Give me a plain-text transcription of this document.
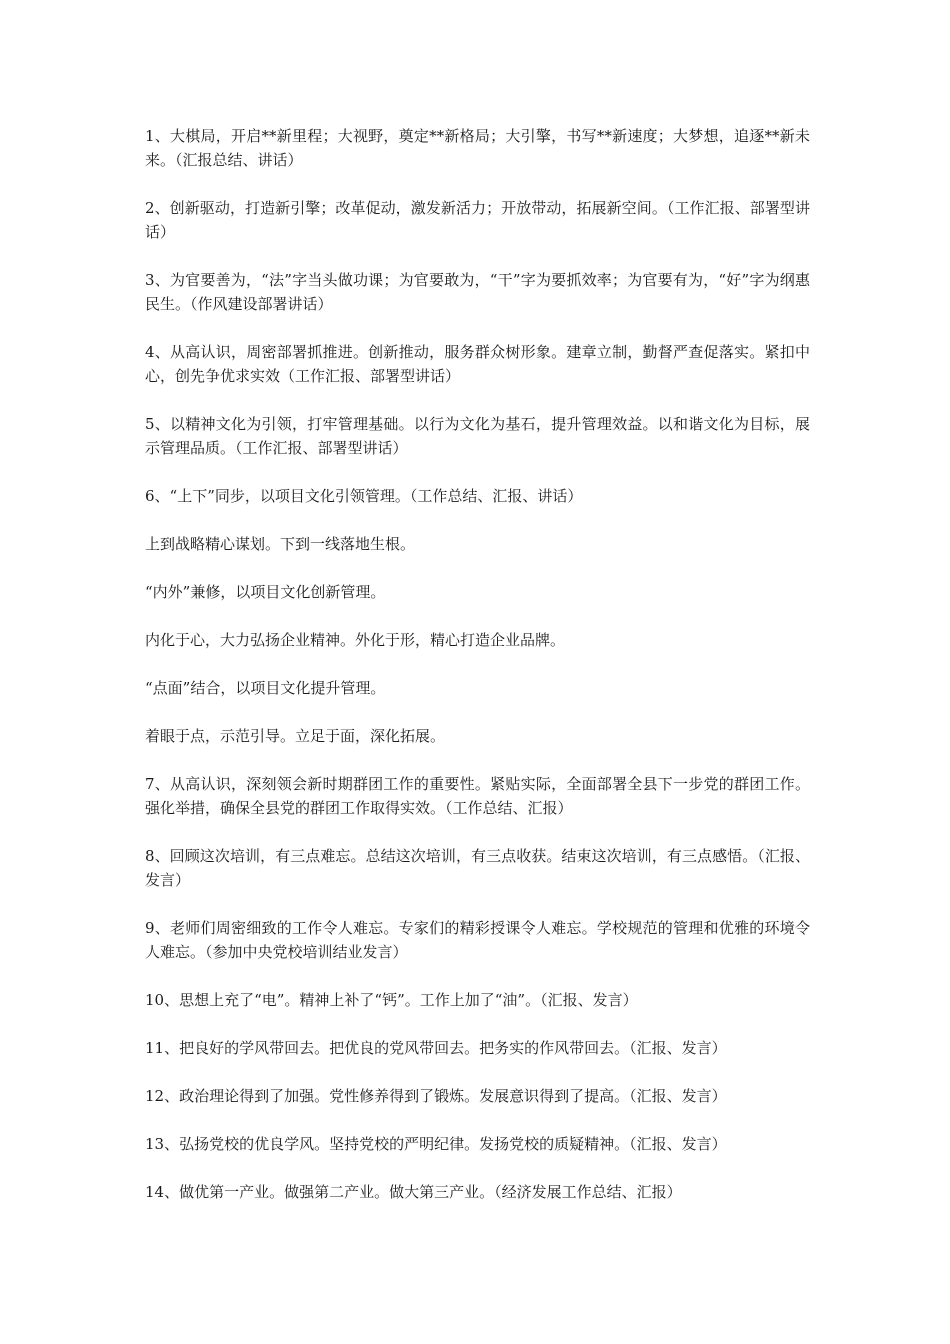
1、大棋局，开启**新里程；大视野，奠定**新格局；大引擎，书写**新速度；大梦想，追逐**新未来。（汇报总结、讲话）

2、创新驱动，打造新引擎；改革促动，激发新活力；开放带动，拓展新空间。（工作汇报、部署型讲话）

3、为官要善为，“法”字当头做功课；为官要敢为，“干”字为要抓效率；为官要有为，“好”字为纲惠民生。（作风建设部署讲话）

4、从高认识，周密部署抓推进。创新推动，服务群众树形象。建章立制，勤督严查促落实。紧扣中心，创先争优求实效（工作汇报、部署型讲话）

5、以精神文化为引领，打牢管理基础。以行为文化为基石，提升管理效益。以和谐文化为目标，展示管理品质。（工作汇报、部署型讲话）

6、“上下”同步，以项目文化引领管理。（工作总结、汇报、讲话）

上到战略精心谋划。下到一线落地生根。

“内外”兼修，以项目文化创新管理。

内化于心，大力弘扬企业精神。外化于形，精心打造企业品牌。

“点面”结合，以项目文化提升管理。

着眼于点，示范引导。立足于面，深化拓展。

7、从高认识，深刻领会新时期群团工作的重要性。紧贴实际，全面部署全县下一步党的群团工作。强化举措，确保全县党的群团工作取得实效。（工作总结、汇报）

8、回顾这次培训，有三点难忘。总结这次培训，有三点收获。结束这次培训，有三点感悟。（汇报、发言）

9、老师们周密细致的工作令人难忘。专家们的精彩授课令人难忘。学校规范的管理和优雅的环境令人难忘。（参加中央党校培训结业发言）

10、思想上充了“电”。精神上补了“钙”。工作上加了“油”。（汇报、发言）

11、把良好的学风带回去。把优良的党风带回去。把务实的作风带回去。（汇报、发言）

12、政治理论得到了加强。党性修养得到了锻炼。发展意识得到了提高。（汇报、发言）

13、弘扬党校的优良学风。坚持党校的严明纪律。发扬党校的质疑精神。（汇报、发言）

14、做优第一产业。做强第二产业。做大第三产业。（经济发展工作总结、汇报）
